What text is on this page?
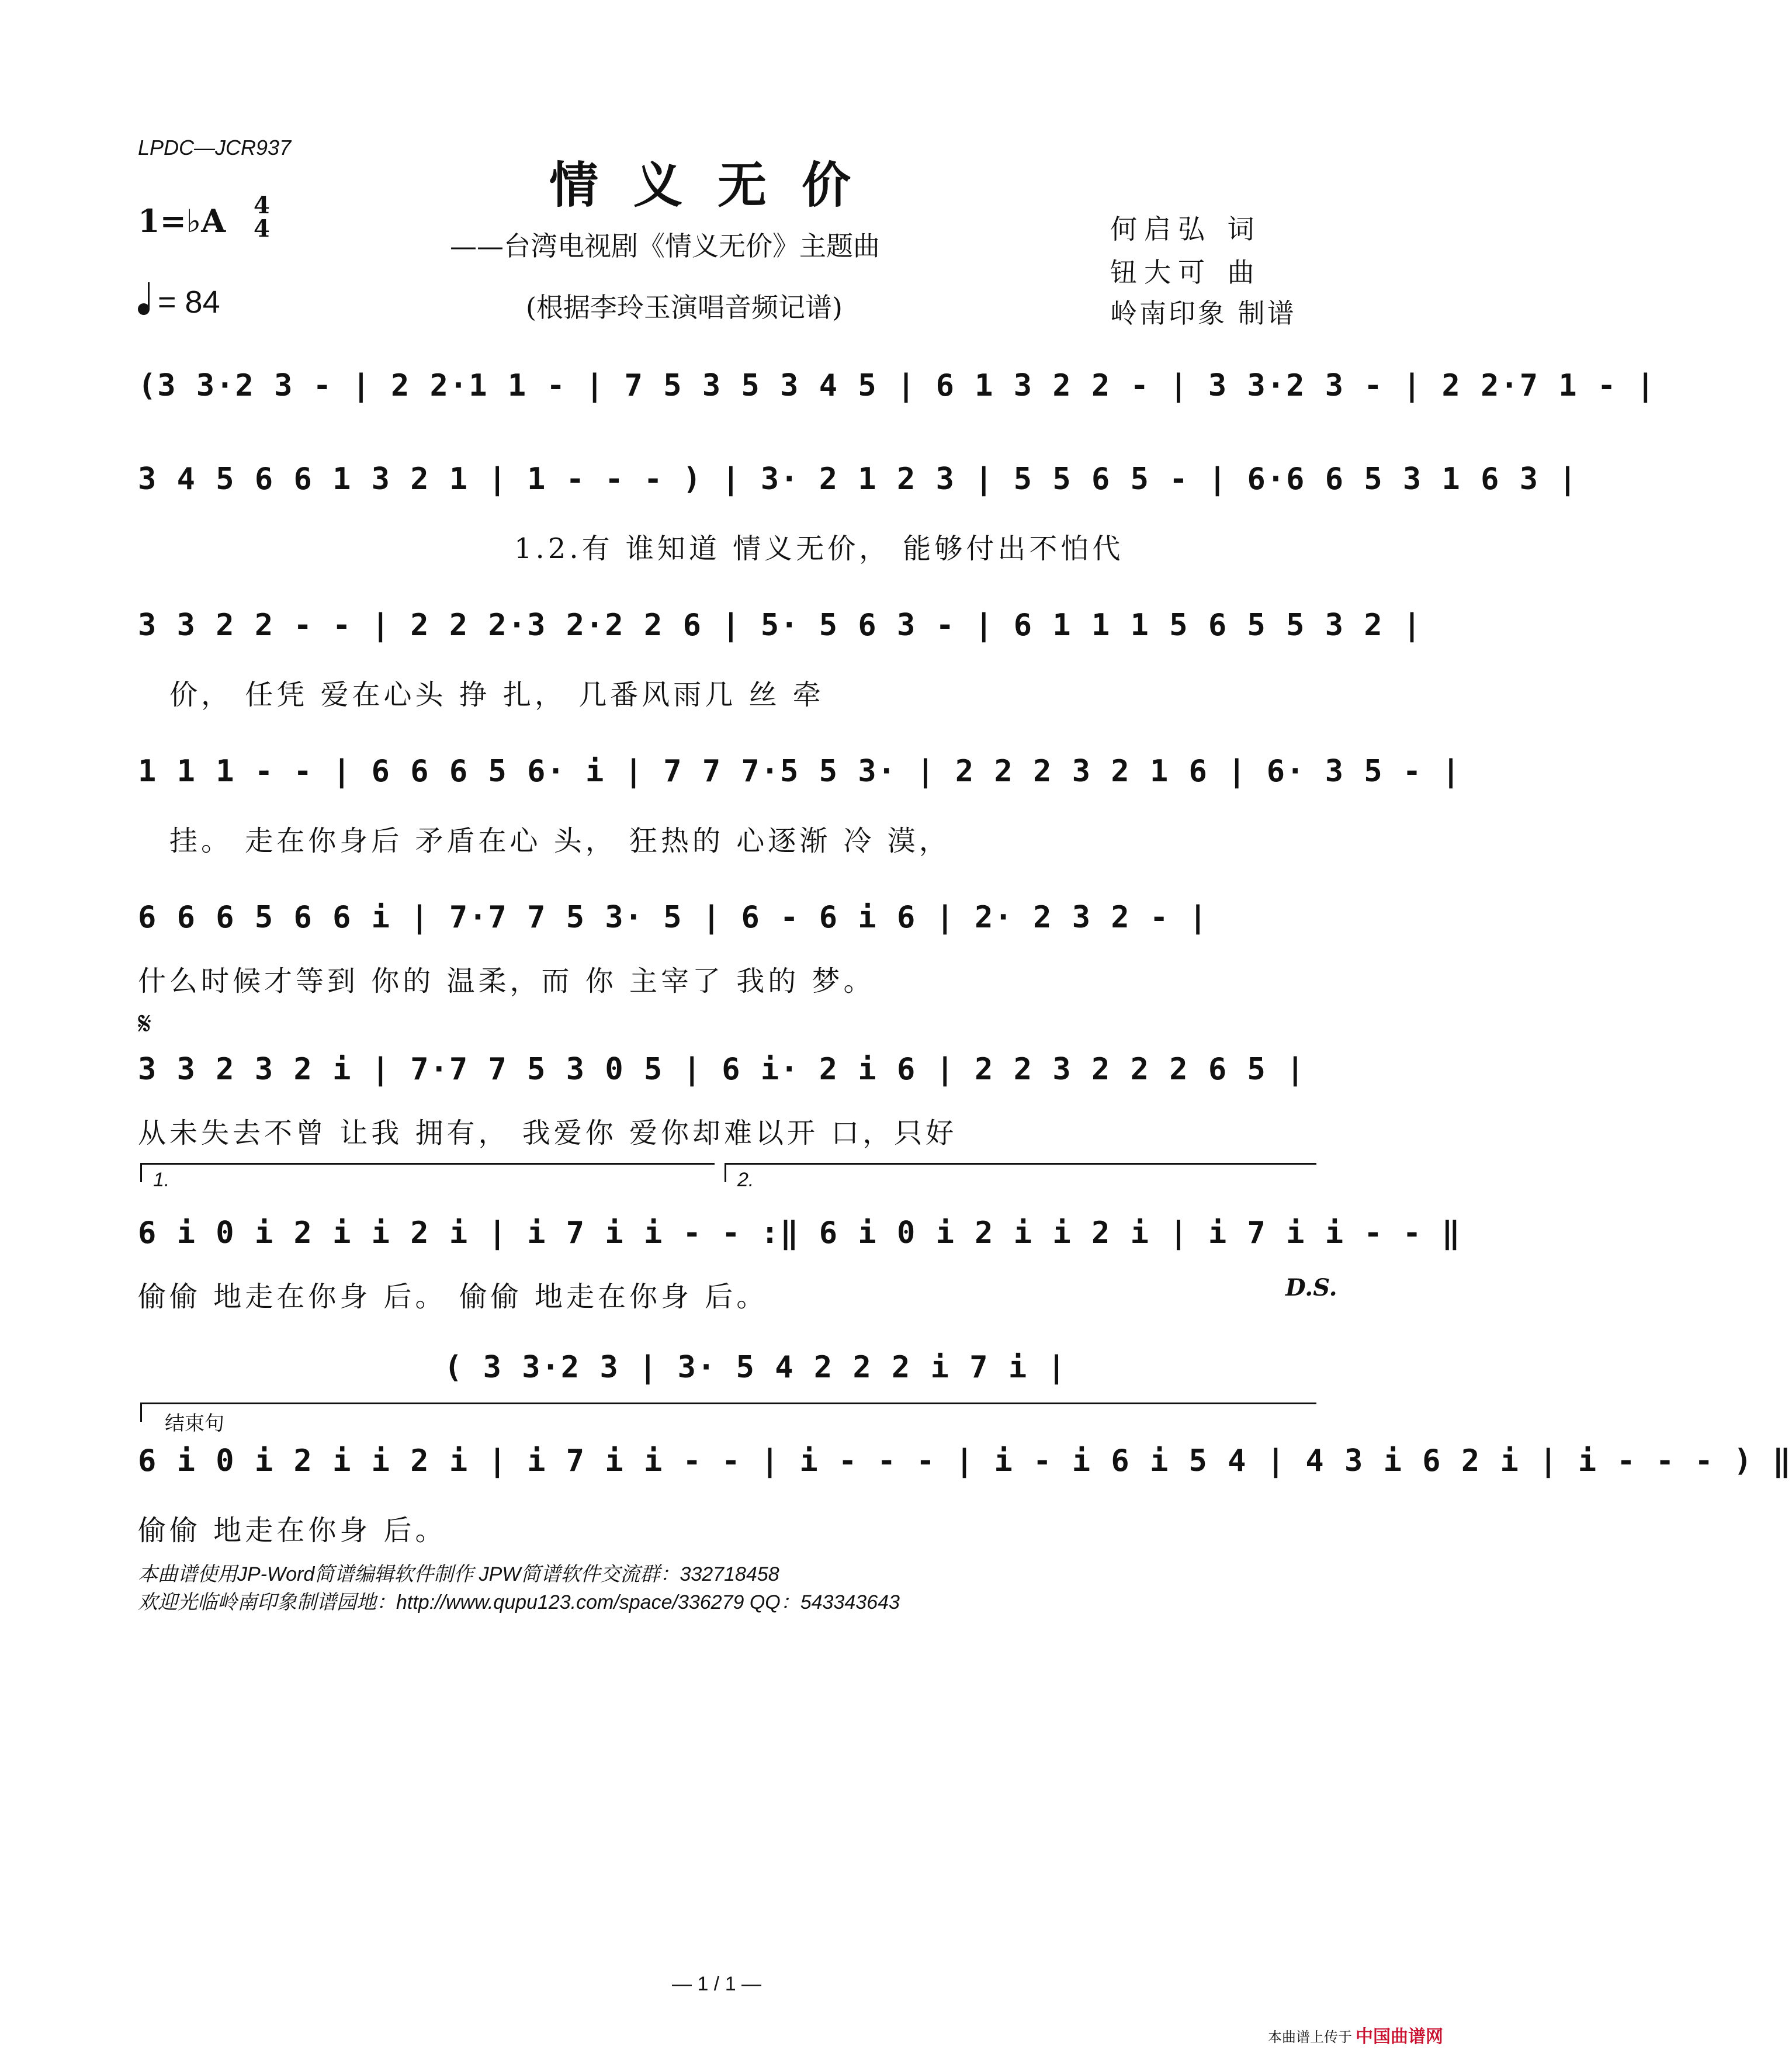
LPDC—JCR937
情义无价
——台湾电视剧《情义无价》主题曲
(根据李玲玉演唱音频记谱)
何启弘 词
钮大可 曲
岭南印象 制谱
1=♭A 4
4
= 84
(3 3·2 3 - | 2 2·1 1 - | 7 5 3 5 3 4 5 | 6 1 3 2 2 - | 3 3·2 3 - | 2 2·7 1 - |
3 4 5 6 6 1 3 2 1 | 1 - - - ) | 3· 2 1 2 3 | 5 5 6 5 - | 6·6 6 5 3 1 6 3 |
1.2.有 谁知道 情义无价， 能够付出不怕代
3 3 2 2 - - | 2 2 2·3 2·2 2 6 | 5· 5 6 3 - | 6 1 1 1 5 6 5 5 3 2 |
价， 任凭 爱在心头 挣 扎， 几番风雨几 丝 牵
1 1 1 - - | 6 6 6 5 6· i | 7 7 7·5 5 3· | 2 2 2 3 2 1 6 | 6· 3 5 - |
挂。 走在你身后 矛盾在心 头， 狂热的 心逐渐 冷 漠，
6 6 6 5 6 6 i | 7·7 7 5 3· 5 | 6 - 6 i 6 | 2· 2 3 2 - |
什么时候才等到 你的 温柔，而 你 主宰了 我的 梦。
𝄋
3 3 2 3 2 i | 7·7 7 5 3 0 5 | 6 i· 2 i 6 | 2 2 3 2 2 2 6 5 |
从未失去不曾 让我 拥有， 我爱你 爱你却难以开 口，只好
1.	2.
6 i 0 i 2 i i 2 i | i 7 i i - - :‖ 6 i 0 i 2 i i 2 i | i 7 i i - - ‖
偷偷 地走在你身 后。 偷偷 地走在你身 后。	D.S.
( 3 3·2 3 | 3· 5 4 2 2 2 i 7 i |
结束句
6 i 0 i 2 i i 2 i | i 7 i i - - | i - - - | i - i 6 i 5 4 | 4 3 i 6 2 i | i - - - ) ‖
偷偷 地走在你身 后。
本曲谱使用JP-Word简谱编辑软件制作 JPW简谱软件交流群：332718458
欢迎光临岭南印象制谱园地：http://www.qupu123.com/space/336279 QQ：543343643
— 1 / 1 —
本曲谱上传于 中国曲谱网
